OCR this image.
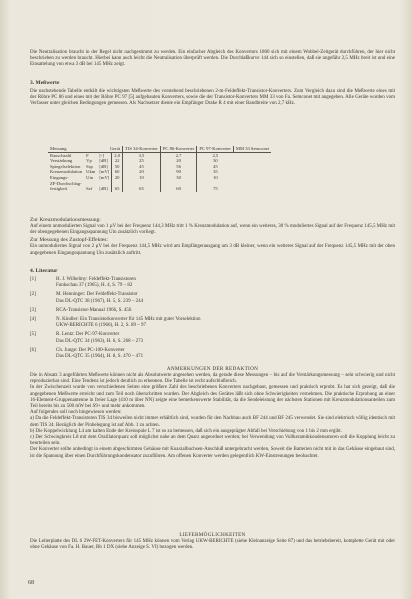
Die Neutralisation braucht in der Regel nicht nachgestimmt zu werden. Ein einfacher Abgleich des Konvertors 1800 sich mit einem Wobbel-Zeitgerät durchführen, der hier nicht beschrieben zu werden braucht. Hierbei kann auch leicht die Neutralisation überprüft werden. Die Durchlaßkurve 144 sich so einstellen, daß sie ungefähr 2,5 MHz breit ist und eine Einsattelung von etwa 3 dB bei 145 MHz zeigt.

3. Meßwerte

Die nachstehende Tabelle enthält die wichtigsten Meßwerte des vorstehend beschriebenen 2-m-Feldeffekt-Transistor-Konverters. Zum Vergleich dazu sind die Meßwerte eines mit der Röhre PC 86 und eines mit der Röhre PC 97 [5] aufgebauten Konverters, sowie die der Transistor-Konverters MM 33 von Fa. Semconet mit angegeben. Alle Geräte wurden vom Verfasser unter gleichen Bedingungen gemessen. Als Nachsetzer diente ein Empfänger Drake R 4 mit einer Bandbreite von 2,7 kHz.

Messung	Gerät			TIS 34-Konverter	PC 86-Konverter	PC 97-Konverter	MM 33 Semconet
Rauschzahl	F	[-]	2,0	3,5	2,7	2,5	
Verstärkung	Vp	[dB]	22	25	20	30	
Spiegelselektion	Ssp	[dB]	50	45	56	45	
Kreuzmodulation	Ukm	[mV]	60	20	90	35	
Eingangs-	Uin	[mV]	20	10	30	10	
ZF-Durchschlag-							
festigkeit	Szf	[dB]	65	65	60	75	
Zur Kreuzmodulationsmessung:

Auf einem unmodulierten Signal von 1 µV bei der Frequenz 144,3 MHz tritt 1 % Kreuzmodulation auf, wenn ein weiteres, 30 % moduliertes Signal auf der Frequenz 145,5 MHz mit der obengegebenen Eingangsspannung Uin zusätzlich vorliegt.

Zur Messung des Zustopf-Effektes:

Ein unmoduliertes Signal von 2 µV bei der Frequenz 144,5 MHz wird am Empfängerausgang um 3 dB kleiner, wenn ein weiteres Signal auf der Frequenz 145,5 MHz mit der oben angegebenen Eingangsspannung Uin zusätzlich auftritt.

4. Literatur
[1]	H. J. Wilhelmy: Feldeffekt-Transistoren
Funkschau 37 (1965), H. 4, S. 79 – 82
[2]	M. Henninger: Der Feldeffekt-Transistor
Das DL-QTC 38 (1967), H. 5, S. 239 – 244
[3]	RCA-Transistor-Manual 1966, S. 456
[4]	N. Kindler: Ein Transistorkonverter für 145 MHz mit guter Vorselektion
UKW-BERICHTE 6 (1966), H. 2, S. 89 – 97
[5]	R. Lentz: Der PC-97-Konverter
Das DL-QTC 34 (1963), H. 6, S. 268 – 273
[6]	Ch. Junge: Der PC-100-Konverter
Das DL-QTC 35 (1964), H. 8, S. 470 – 471
ANMERKUNGEN DER REDAKTION

Die in Absatz 3 angeführten Meßwerte können nicht als Absolutwerte angesehen werden, da gerade diese Messungen – bis auf die Verstärkungsmessung – sehr schwierig und nicht reproduzierbar sind. Eine Tendenz ist jedoch deutlich zu erkennen. Die Tabelle ist recht aufschlußreich.

In der Zwischenzeit wurde von verschiedenen Seiten eine größere Zahl des beschriebenen Konverters nachgebaut, gemessen und praktisch erprobt. Es hat sich gezeigt, daß die angegebenen Meßwerte erreicht und zum Teil noch überschritten wurden. Der Abgleich des Gerätes läßt sich ohne Schwierigkeiten vornehmen. Die praktische Erprobung an einer 16-Element-Gruppenantenne in freier Lage (410 m über NN) zeigte eine bemerkenswerte Stabilität, da die Sendeleistung der nächsten Stationen mit Kreuzmodulationsanteilen zum Teil bereits bis zu 500 mW bei S9+ und mehr ankommen.

Auf folgendes soll noch hingewiesen werden:

a) Da die Feldeffekt-Transistoren TIS 34 bisweilen nicht immer erhältlich sind, wurden für den Nachbau auch BF 244 und BF 245 verwendet. Sie sind elektrisch völlig identisch mit dem TIS 34. Bezüglich der Pinbelegung ist auf Abb. 1 zu achten.

b) Die Koppelwicklung L4 am kalten Ende der Kreisspule L 7 ist so zu bemessen, daß sich ein ausgeprägter Abfall bei Verschiebung von 1 bis 2 mm ergibt.

c) Der Schwingkreis L8 mit dem Oszillatorquarz soll möglichst nahe an dem Quarz angeordnet werden; bei Verwendung von Vollkeramikkondensatoren soll die Kopplung leicht zu beurteilen sein.

Der Konverter sollte unbedingt in einem abgeschirmten Gehäuse mit Koaxialbuchsen-Anschluß untergebracht werden, Soweit die Batterien nicht mit in das Gehäuse eingebaut sind, ist die Spannung über einen Durchführungskondensator zuzuführen. Am offenen Konverter werden gelegentlich KW-Einstreuungen beobachtet.

LIEFERMÖGLICHKEITEN

Die Leiterplatte des DL 6 2W-FET-Konverters für 145 MHz können vom Verlag UKW-BERICHTE (siehe Kleinanzeige Seite 87) und das betriebsbereit, komplette Gerät mit oder ohne Gehäuse von Fa. H. Bauer, Bb 1 DX (siehe Anzeige S. VI) bezogen werden.

68
